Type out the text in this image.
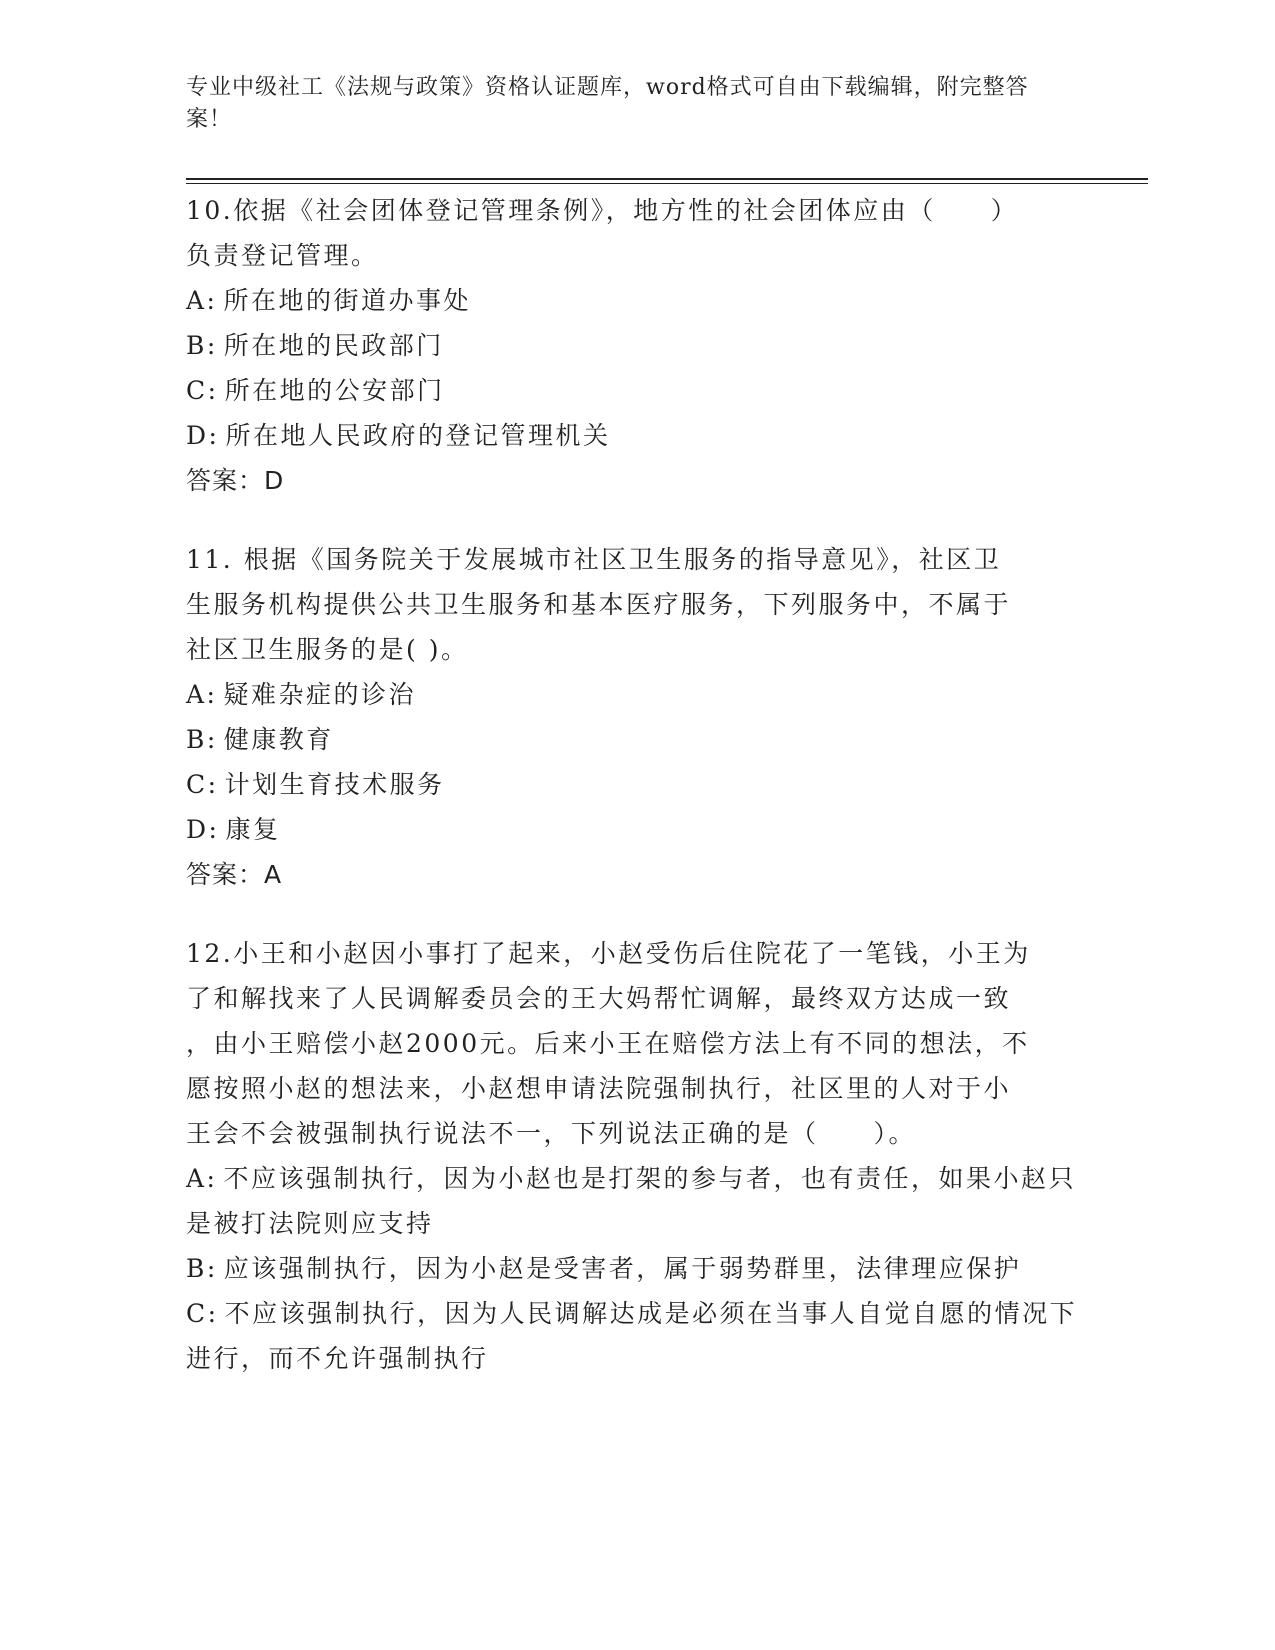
专业中级社工《法规与政策》资格认证题库，word格式可自由下载编辑，附完整答案！
10.依据《社会团体登记管理条例》，地方性的社会团体应由（　　）
负责登记管理。
A: 所在地的街道办事处
B: 所在地的民政部门
C: 所在地的公安部门
D: 所在地人民政府的登记管理机关
答案：D
11. 根据《国务院关于发展城市社区卫生服务的指导意见》，社区卫
生服务机构提供公共卫生服务和基本医疗服务，下列服务中，不属于
社区卫生服务的是( )。
A: 疑难杂症的诊治
B: 健康教育
C: 计划生育技术服务
D: 康复
答案：A
12.小王和小赵因小事打了起来，小赵受伤后住院花了一笔钱，小王为
了和解找来了人民调解委员会的王大妈帮忙调解，最终双方达成一致
，由小王赔偿小赵2000元。后来小王在赔偿方法上有不同的想法，不
愿按照小赵的想法来，小赵想申请法院强制执行，社区里的人对于小
王会不会被强制执行说法不一，下列说法正确的是（　　）。
A: 不应该强制执行，因为小赵也是打架的参与者，也有责任，如果小赵只是被打法院则应支持
B: 应该强制执行，因为小赵是受害者，属于弱势群里，法律理应保护
C: 不应该强制执行，因为人民调解达成是必须在当事人自觉自愿的情况下进行，而不允许强制执行
